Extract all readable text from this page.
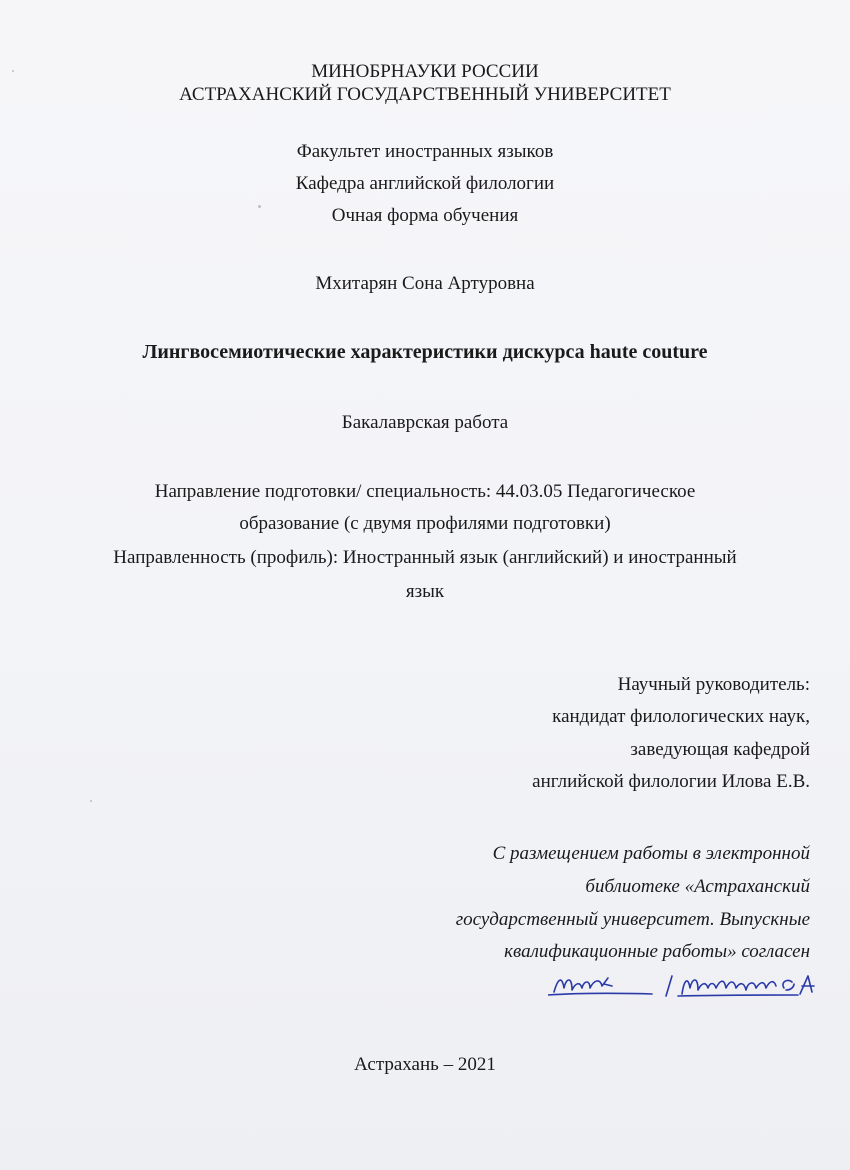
МИНОБРНАУКИ РОССИИ
АСТРАХАНСКИЙ ГОСУДАРСТВЕННЫЙ УНИВЕРСИТЕТ
Факультет иностранных языков
Кафедра английской филологии
Очная форма обучения
Мхитарян Сона Артуровна
Лингвосемиотические характеристики дискурса haute couture
Бакалаврская работа
Направление подготовки/ специальность: 44.03.05 Педагогическое
образование (с двумя профилями подготовки)
Направленность (профиль): Иностранный язык (английский) и иностранный
язык
Научный руководитель:
кандидат филологических наук,
заведующая кафедрой
английской филологии Илова Е.В.
С размещением работы в электронной
библиотеке «Астраханский
государственный университет. Выпускные
квалификационные работы» согласен
Астрахань – 2021
